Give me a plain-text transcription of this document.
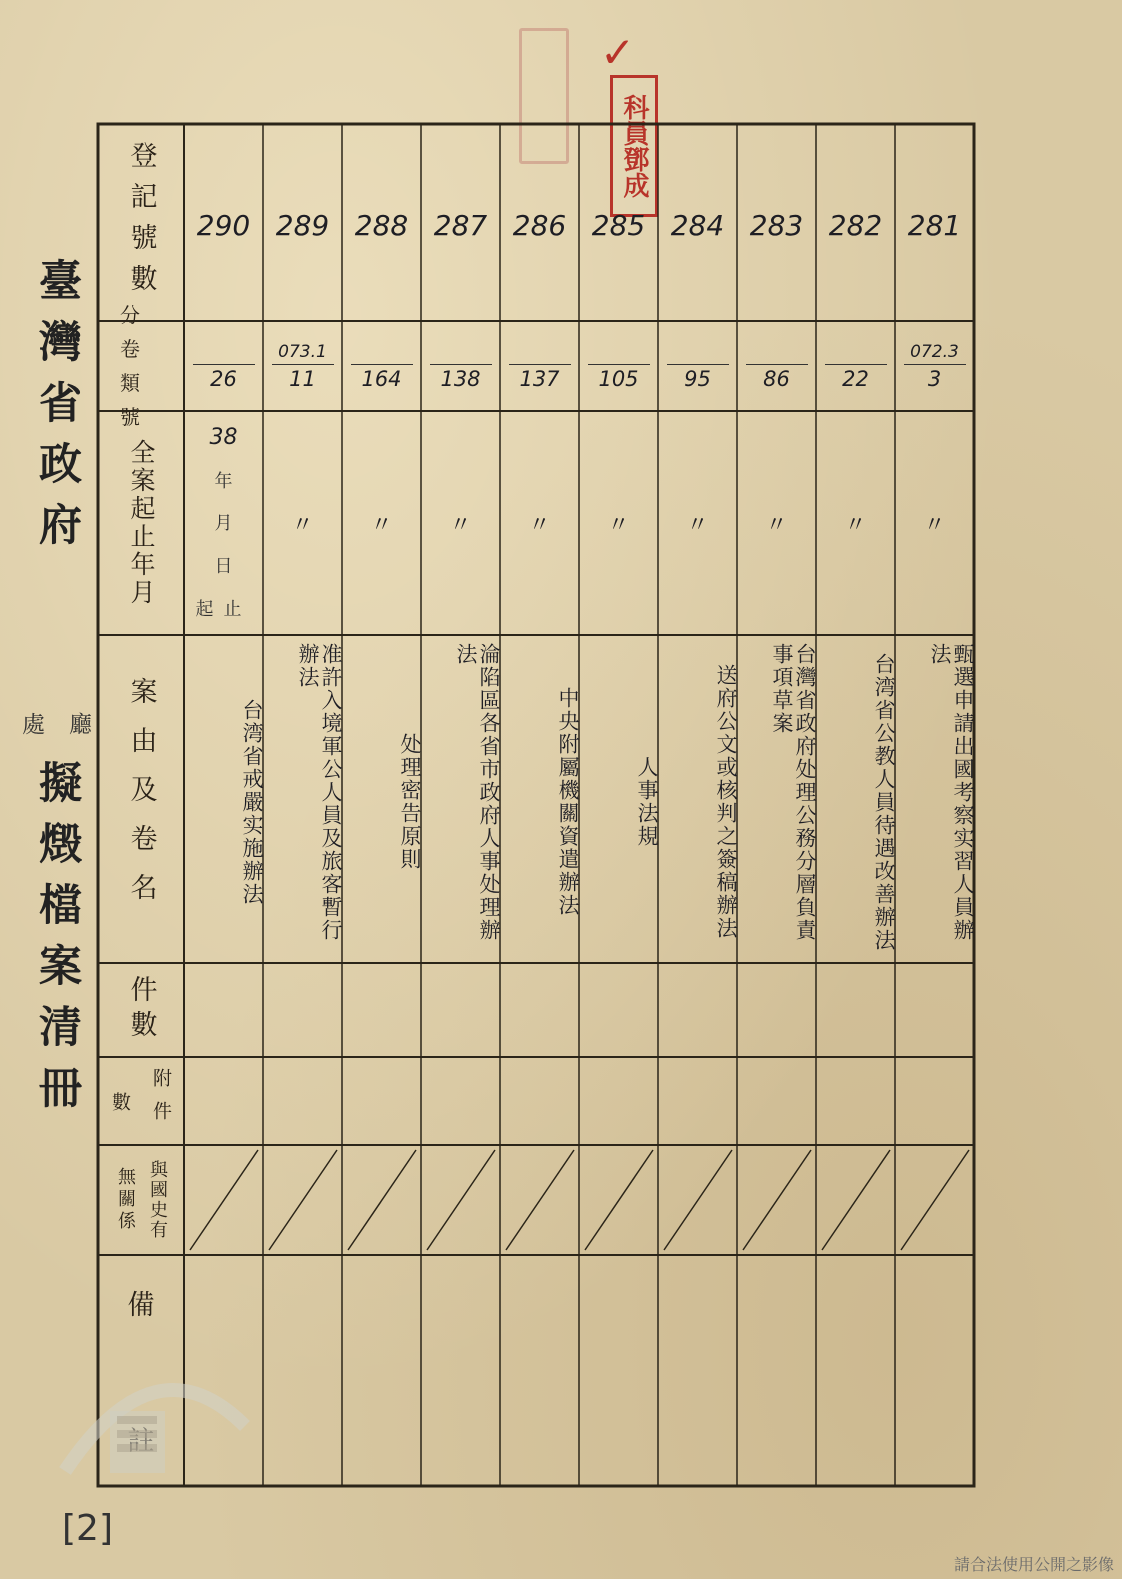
臺灣省政府
處 廳
擬燬檔案清冊
✓
科員鄧成
登記號數
分卷
類號
全案起止年月
案由及卷名
件數
數 附件
無關係 與國史有
備
38
年
月
日
起止
290

26
台湾省戒嚴实施辦法
289
073.1
11
〃
准許入境軍公人員及旅客暫行辦法
288

164
〃
处理密告原則
287

138
〃
淪陷區各省市政府人事处理辦法
286

137
〃
中央附屬機關資遣辦法
285

105
〃
人事法規
284

95
〃
送府公文或核判之簽稿辦法
283

86
〃
台灣省政府处理公務分層負責事項草案
282

22
〃
台湾省公教人員待遇改善辦法
281
072.3
3
〃
甄選申請出國考察实習人員辦法
[2]
請合法使用公開之影像
